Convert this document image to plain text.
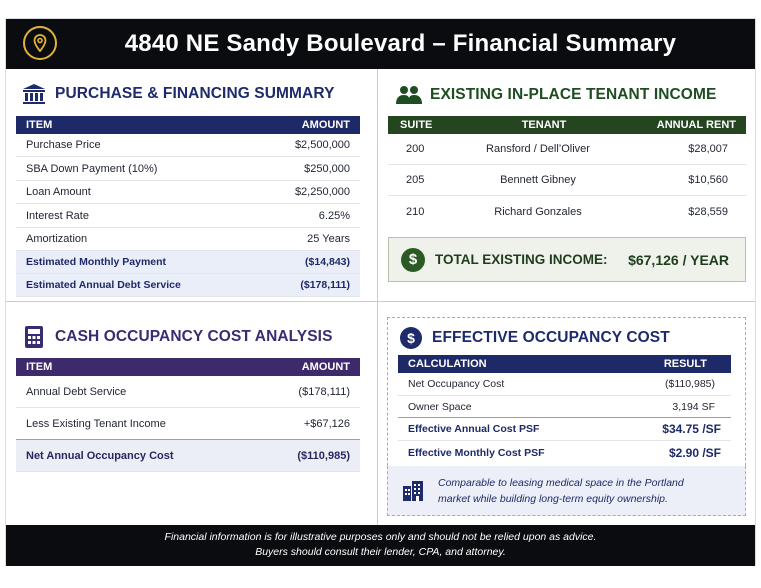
4840 NE Sandy Boulevard – Financial Summary
PURCHASE & FINANCING SUMMARY
ITEM	AMOUNT
Purchase Price	$2,500,000
SBA Down Payment (10%)	$250,000
Loan Amount	$2,250,000
Interest Rate	6.25%
Amortization	25 Years
Estimated Monthly Payment	($14,843)
Estimated Annual Debt Service	($178,111)
EXISTING IN-PLACE TENANT INCOME
SUITE	TENANT	ANNUAL RENT
200	Ransford / Dell’Oliver	$28,007
205	Bennett Gibney	$10,560
210	Richard Gonzales	$28,559
$	TOTAL EXISTING INCOME: $67,126 / YEAR
CASH OCCUPANCY COST ANALYSIS
ITEM	AMOUNT
Annual Debt Service	($178,111)
Less Existing Tenant Income	+$67,126
Net Annual Occupancy Cost	($110,985)
$ EFFECTIVE OCCUPANCY COST
CALCULATION	RESULT
Net Occupancy Cost	($110,985)
Owner Space	3,194 SF
Effective Annual Cost PSF	$34.75 /SF
Effective Monthly Cost PSF	$2.90 /SF
Comparable to leasing medical space in the Portland
market while building long-term equity ownership.
Financial information is for illustrative purposes only and should not be relied upon as advice.
Buyers should consult their lender, CPA, and attorney.
